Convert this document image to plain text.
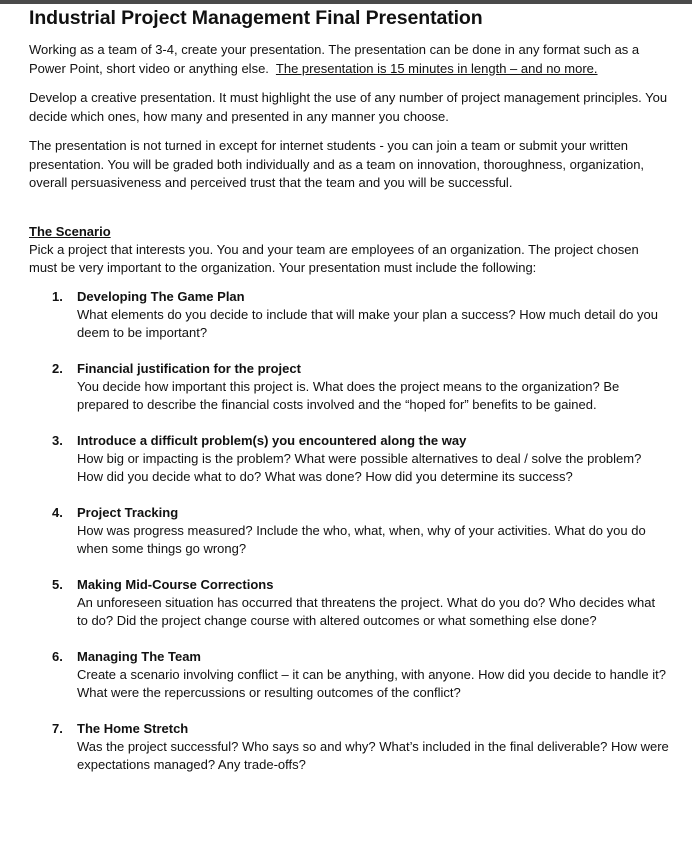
Industrial Project Management Final Presentation

Working as a team of 3-4, create your presentation. The presentation can be done in any format such as a Power Point, short video or anything else. The presentation is 15 minutes in length – and no more.

Develop a creative presentation. It must highlight the use of any number of project management principles. You decide which ones, how many and presented in any manner you choose.

The presentation is not turned in except for internet students - you can join a team or submit your written presentation. You will be graded both individually and as a team on innovation, thoroughness, organization, overall persuasiveness and perceived trust that the team and you will be successful.

The Scenario

Pick a project that interests you. You and your team are employees of an organization. The project chosen must be very important to the organization. Your presentation must include the following:

1. Developing The Game Plan
What elements do you decide to include that will make your plan a success? How much detail do you deem to be important?
2. Financial justification for the project
You decide how important this project is. What does the project means to the organization? Be prepared to describe the financial costs involved and the “hoped for” benefits to be gained.
3. Introduce a difficult problem(s) you encountered along the way
How big or impacting is the problem? What were possible alternatives to deal / solve the problem? How did you decide what to do? What was done? How did you determine its success?
4. Project Tracking
How was progress measured? Include the who, what, when, why of your activities. What do you do when some things go wrong?
5. Making Mid-Course Corrections
An unforeseen situation has occurred that threatens the project. What do you do? Who decides what to do? Did the project change course with altered outcomes or what something else done?
6. Managing The Team
Create a scenario involving conflict – it can be anything, with anyone. How did you decide to handle it? What were the repercussions or resulting outcomes of the conflict?
7. The Home Stretch
Was the project successful? Who says so and why? What’s included in the final deliverable? How were expectations managed? Any trade-offs?
